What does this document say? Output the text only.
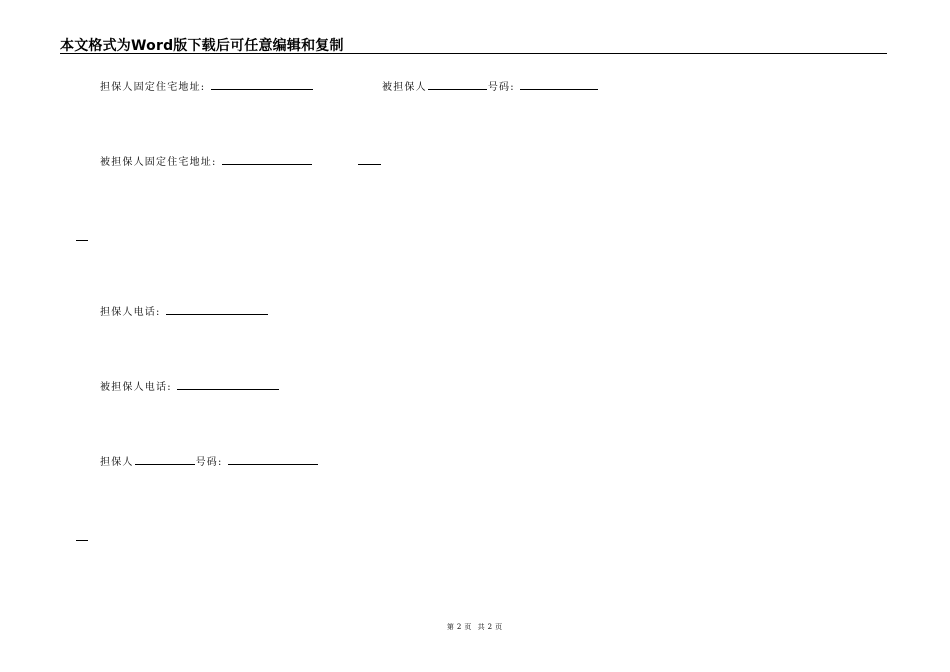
本文格式为Word版下载后可任意编辑和复制
担保人固定住宅地址:	被担保人	号码:
被担保人固定住宅地址:
担保人电话:
被担保人电话:
担保人	号码:
第 2 页 共 2 页
